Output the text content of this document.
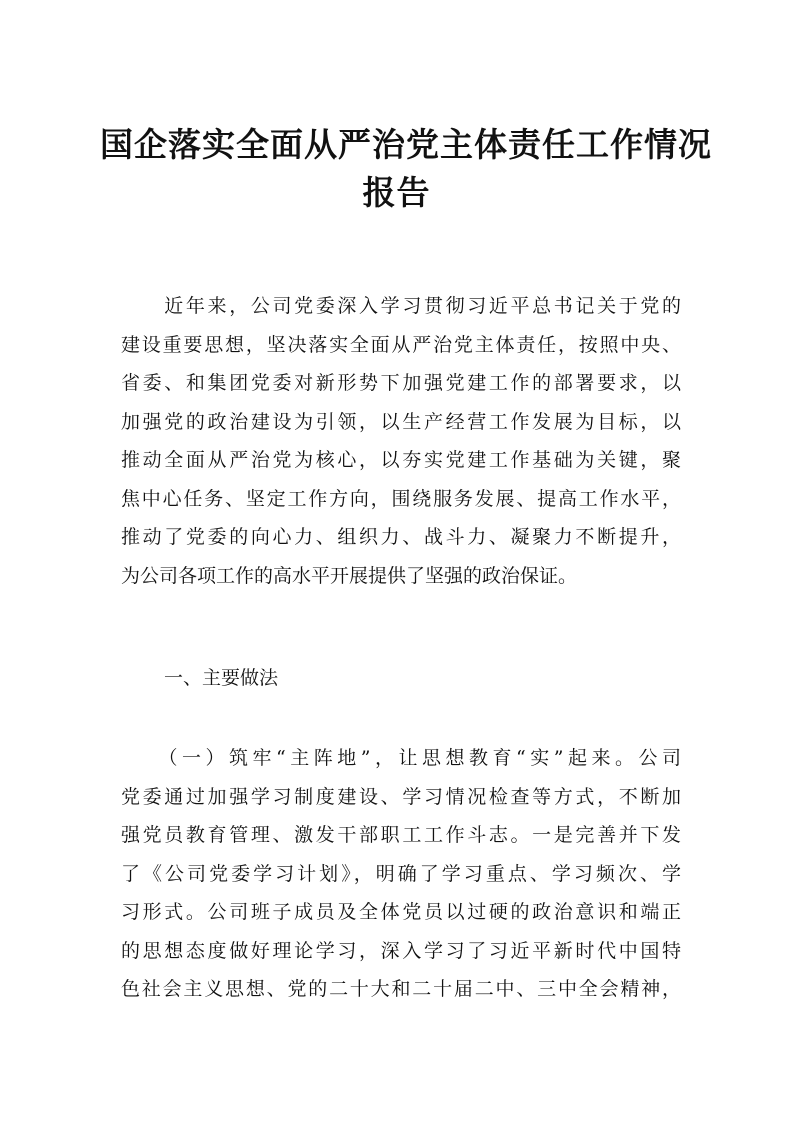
国企落实全面从严治党主体责任工作情况
报告
　　近年来，公司党委深入学习贯彻习近平总书记关于党的
建设重要思想，坚决落实全面从严治党主体责任，按照中央、
省委、和集团党委对新形势下加强党建工作的部署要求，以
加强党的政治建设为引领，以生产经营工作发展为目标，以
推动全面从严治党为核心，以夯实党建工作基础为关键，聚
焦中心任务、坚定工作方向，围绕服务发展、提高工作水平，
推动了党委的向心力、组织力、战斗力、凝聚力不断提升，
为公司各项工作的高水平开展提供了坚强的政治保证。
一、主要做法
　　（一）筑牢“主阵地”，让思想教育“实”起来。公司
党委通过加强学习制度建设、学习情况检查等方式，不断加
强党员教育管理、激发干部职工工作斗志。一是完善并下发
了《公司党委学习计划》，明确了学习重点、学习频次、学
习形式。公司班子成员及全体党员以过硬的政治意识和端正
的思想态度做好理论学习，深入学习了习近平新时代中国特
色社会主义思想、党的二十大和二十届二中、三中全会精神，
